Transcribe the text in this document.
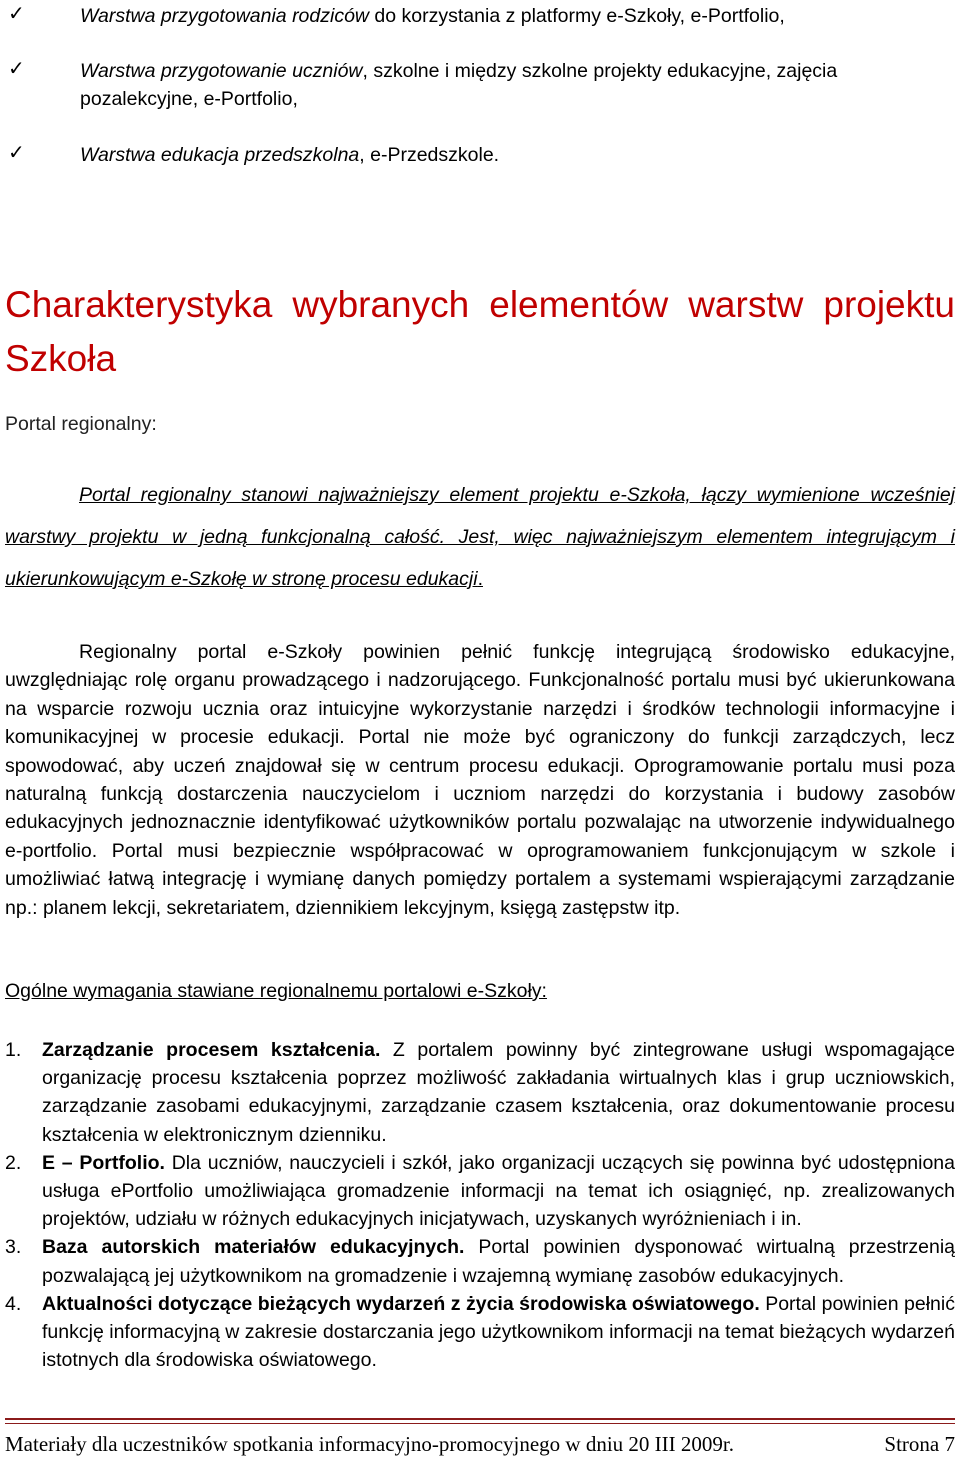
✓	Warstwa przygotowania rodziców do korzystania z platformy e-Szkoły, e-Portfolio,
✓	Warstwa przygotowanie uczniów, szkolne i między szkolne projekty edukacyjne, zajęcia pozalekcyjne, e-Portfolio,
✓	Warstwa edukacja przedszkolna, e-Przedszkole.
Charakterystyka wybranych elementów warstw projektu Szkoła
Portal regionalny:
Portal regionalny stanowi najważniejszy element projektu e-Szkoła, łączy wymienione wcześniej warstwy projektu w jedną funkcjonalną całość. Jest, więc najważniejszym elementem integrującym i ukierunkowującym e-Szkołę w stronę procesu edukacji.
Regionalny portal e-Szkoły powinien pełnić funkcję integrującą środowisko edukacyjne, uwzględniając rolę organu prowadzącego i nadzorującego. Funkcjonalność portalu musi być ukierunkowana na wsparcie rozwoju ucznia oraz intuicyjne wykorzystanie narzędzi i środków technologii informacyjne i komunikacyjnej w procesie edukacji. Portal nie może być ograniczony do funkcji zarządczych, lecz spowodować, aby uczeń znajdował się w centrum procesu edukacji. Oprogramowanie portalu musi poza naturalną funkcją dostarczenia nauczycielom i uczniom narzędzi do korzystania i budowy zasobów edukacyjnych jednoznacznie identyfikować użytkowników portalu pozwalając na utworzenie indywidualnego e-portfolio. Portal musi bezpiecznie współpracować w oprogramowaniem funkcjonującym w szkole i umożliwiać łatwą integrację i wymianę danych pomiędzy portalem a systemami wspierającymi zarządzanie np.: planem lekcji, sekretariatem, dziennikiem lekcyjnym, księgą zastępstw itp.
Ogólne wymagania stawiane regionalnemu portalowi e-Szkoły:
1. Zarządzanie procesem kształcenia. Z portalem powinny być zintegrowane usługi wspomagające organizację procesu kształcenia poprzez możliwość zakładania wirtualnych klas i grup uczniowskich, zarządzanie zasobami edukacyjnymi, zarządzanie czasem kształcenia, oraz dokumentowanie procesu kształcenia w elektronicznym dzienniku.
2. E – Portfolio. Dla uczniów, nauczycieli i szkół, jako organizacji uczących się powinna być udostępniona usługa ePortfolio umożliwiająca gromadzenie informacji na temat ich osiągnięć, np. zrealizowanych projektów, udziału w różnych edukacyjnych inicjatywach, uzyskanych wyróżnieniach i in.
3. Baza autorskich materiałów edukacyjnych. Portal powinien dysponować wirtualną przestrzenią pozwalającą jej użytkownikom na gromadzenie i wzajemną wymianę zasobów edukacyjnych.
4. Aktualności dotyczące bieżących wydarzeń z życia środowiska oświatowego. Portal powinien pełnić funkcję informacyjną w zakresie dostarczania jego użytkownikom informacji na temat bieżących wydarzeń istotnych dla środowiska oświatowego.
Materiały dla uczestników spotkania informacyjno-promocyjnego w dniu 20 III 2009r.	Strona 7
